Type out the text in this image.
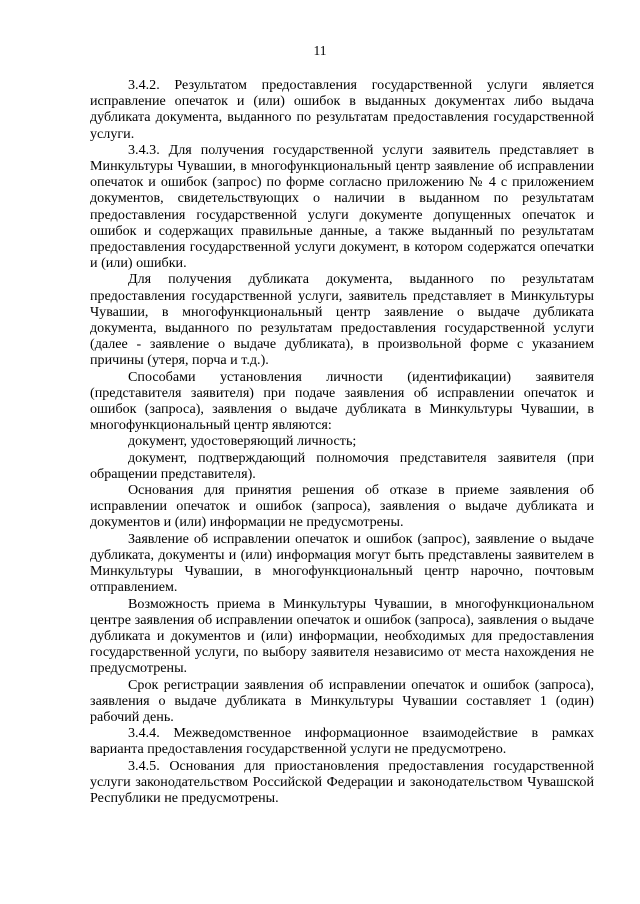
11

3.4.2. Результатом предоставления государственной услуги является исправление опечаток и (или) ошибок в выданных документах либо выдача дубликата документа, выданного по результатам предоставления государственной услуги.

3.4.3. Для получения государственной услуги заявитель представляет в Минкультуры Чувашии, в многофункциональный центр заявление об исправлении опечаток и ошибок (запрос) по форме согласно приложению № 4 с приложением документов, свидетельствующих о наличии в выданном по результатам предоставления государственной услуги документе допущенных опечаток и ошибок и содержащих правильные данные, а также выданный по результатам предоставления государственной услуги документ, в котором содержатся опечатки и (или) ошибки.

Для получения дубликата документа, выданного по результатам предоставления государственной услуги, заявитель представляет в Минкультуры Чувашии, в многофункциональный центр заявление о выдаче дубликата документа, выданного по результатам предоставления государственной услуги (далее - заявление о выдаче дубликата), в произвольной форме с указанием причины (утеря, порча и т.д.).

Способами установления личности (идентификации) заявителя (представителя заявителя) при подаче заявления об исправлении опечаток и ошибок (запроса), заявления о выдаче дубликата в Минкультуры Чувашии, в многофункциональный центр являются:

документ, удостоверяющий личность;

документ, подтверждающий полномочия представителя заявителя (при обращении представителя).

Основания для принятия решения об отказе в приеме заявления об исправлении опечаток и ошибок (запроса), заявления о выдаче дубликата и документов и (или) информации не предусмотрены.

Заявление об исправлении опечаток и ошибок (запрос), заявление о выдаче дубликата, документы и (или) информация могут быть представлены заявителем в Минкультуры Чувашии, в многофункциональный центр нарочно, почтовым отправлением.

Возможность приема в Минкультуры Чувашии, в многофункциональном центре заявления об исправлении опечаток и ошибок (запроса), заявления о выдаче дубликата и документов и (или) информации, необходимых для предоставления государственной услуги, по выбору заявителя независимо от места нахождения не предусмотрены.

Срок регистрации заявления об исправлении опечаток и ошибок (запроса), заявления о выдаче дубликата в Минкультуры Чувашии составляет 1 (один) рабочий день.

3.4.4. Межведомственное информационное взаимодействие в рамках варианта предоставления государственной услуги не предусмотрено.

3.4.5. Основания для приостановления предоставления государственной услуги законодательством Российской Федерации и законодательством Чувашской Республики не предусмотрены.
